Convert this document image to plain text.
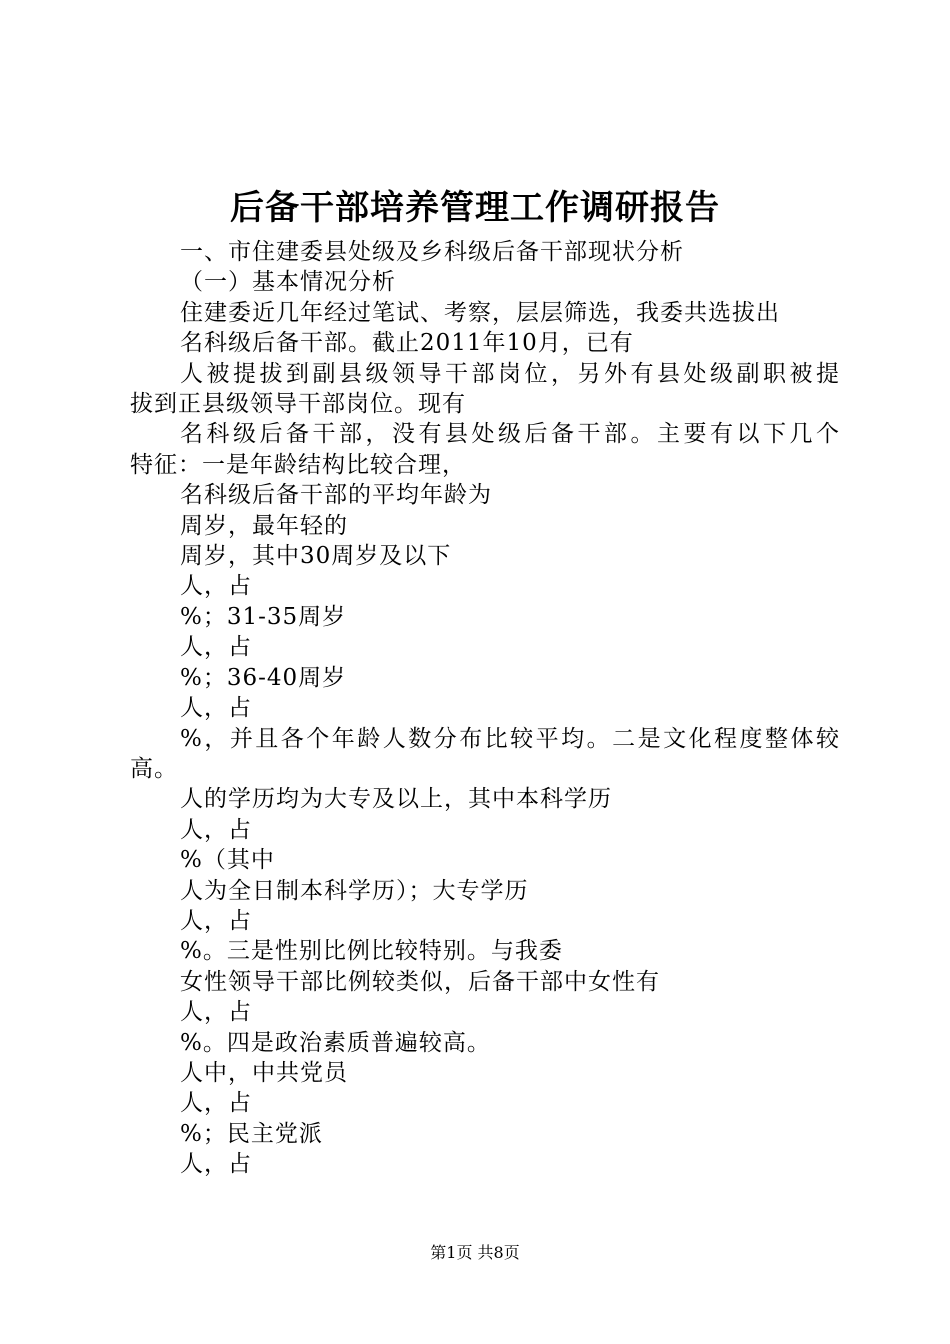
后备干部培养管理工作调研报告
一、市住建委县处级及乡科级后备干部现状分析
（一）基本情况分析
住建委近几年经过笔试、考察，层层筛选，我委共选拔出
名科级后备干部。截止2011年10月，已有
人被提拔到副县级领导干部岗位，另外有县处级副职被提
拔到正县级领导干部岗位。现有
名科级后备干部，没有县处级后备干部。主要有以下几个
特征：一是年龄结构比较合理，
名科级后备干部的平均年龄为
周岁，最年轻的
周岁，其中30周岁及以下
人，占
%；31-35周岁
人，占
%；36-40周岁
人，占
%，并且各个年龄人数分布比较平均。二是文化程度整体较
高。
人的学历均为大专及以上，其中本科学历
人，占
%（其中
人为全日制本科学历）；大专学历
人，占
%。三是性别比例比较特别。与我委
女性领导干部比例较类似，后备干部中女性有
人，占
%。四是政治素质普遍较高。
人中，中共党员
人，占
%；民主党派
人，占
第1页 共8页
